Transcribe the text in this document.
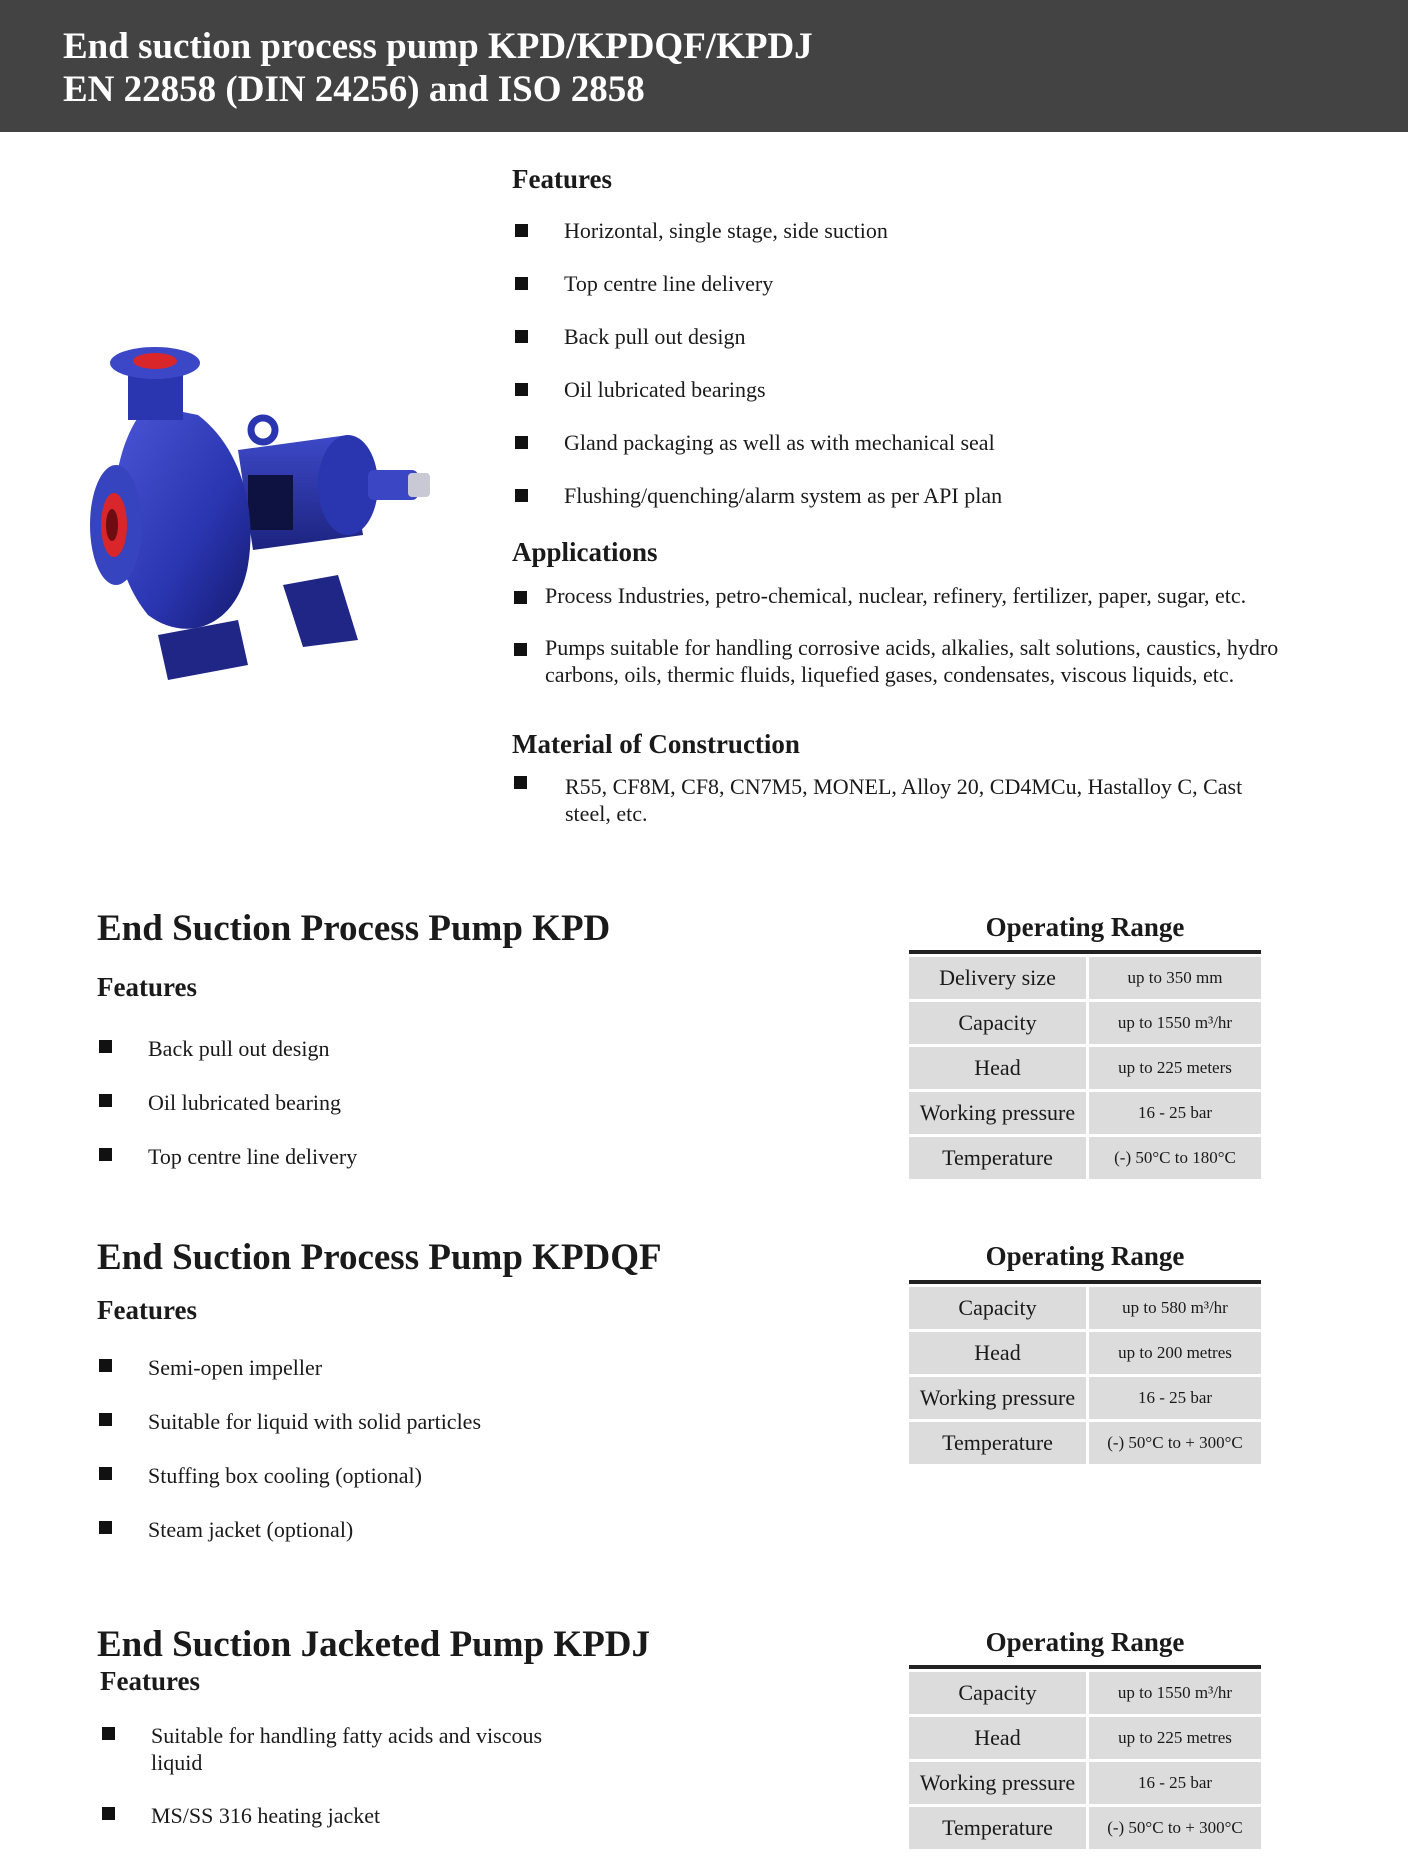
End suction process pump KPD/KPDQF/KPDJ
EN 22858 (DIN 24256) and ISO 2858
Features
Horizontal, single stage, side suction
Top centre line delivery
Back pull out design
Oil lubricated bearings
Gland packaging as well as with mechanical seal
Flushing/quenching/alarm system as per API plan
Applications
Process Industries, petro-chemical, nuclear, refinery, fertilizer, paper, sugar, etc.
Pumps suitable for handling corrosive acids, alkalies, salt solutions, caustics, hydro carbons, oils, thermic fluids, liquefied gases, condensates, viscous liquids, etc.
Material of Construction
R55, CF8M, CF8, CN7M5, MONEL, Alloy 20, CD4MCu, Hastalloy C, Cast steel, etc.
End Suction Process Pump KPD
Features
Back pull out design
Oil lubricated bearing
Top centre line delivery
Operating Range
Delivery size	up to 350 mm
Capacity	up to 1550 m³/hr
Head	up to 225 meters
Working pressure	16 - 25 bar
Temperature	(-) 50°C to 180°C
End Suction Process Pump KPDQF
Features
Semi-open impeller
Suitable for liquid with solid particles
Stuffing box cooling (optional)
Steam jacket (optional)
Operating Range
Capacity	up to 580 m³/hr
Head	up to 200 metres
Working pressure	16 - 25 bar
Temperature	(-) 50°C to + 300°C
End Suction Jacketed Pump KPDJ
Features
Suitable for handling fatty acids and viscous liquid
MS/SS 316 heating jacket
Operating Range
Capacity	up to 1550 m³/hr
Head	up to 225 metres
Working pressure	16 - 25 bar
Temperature	(-) 50°C to + 300°C
